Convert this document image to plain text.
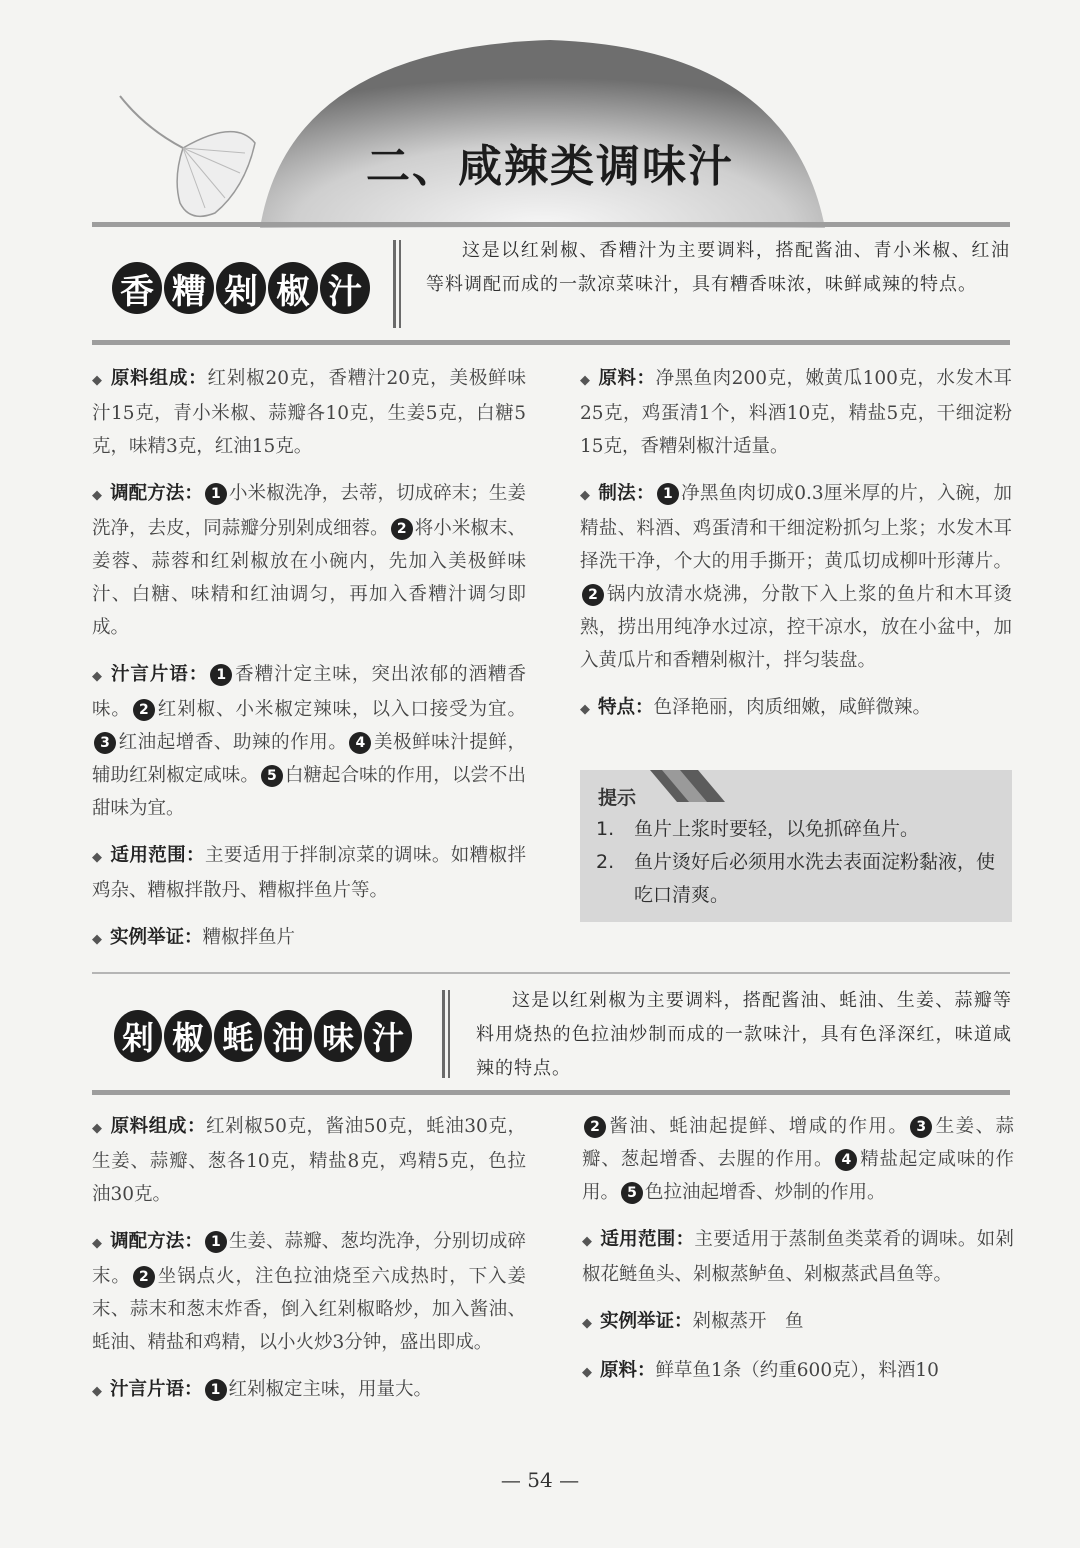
二、咸辣类调味汁
香 糟 剁 椒 汁
这是以红剁椒、香糟汁为主要调料，搭配酱油、青小米椒、红油等料调配而成的一款凉菜味汁，具有糟香味浓，味鲜咸辣的特点。

◆ 原料组成：红剁椒20克，香糟汁20克，美极鲜味汁15克，青小米椒、蒜瓣各10克，生姜5克，白糖5克，味精3克，红油15克。

◆ 调配方法： 1 小米椒洗净，去蒂，切成碎末；生姜洗净，去皮，同蒜瓣分别剁成细蓉。 2 将小米椒末、姜蓉、蒜蓉和红剁椒放在小碗内，先加入美极鲜味汁、白糖、味精和红油调匀，再加入香糟汁调匀即成。

◆ 汁言片语： 1 香糟汁定主味，突出浓郁的酒糟香味。 2 红剁椒、小米椒定辣味，以入口接受为宜。3 红油起增香、助辣的作用。 4 美极鲜味汁提鲜，辅助红剁椒定咸味。 5 白糖起合味的作用，以尝不出甜味为宜。

◆ 适用范围：主要适用于拌制凉菜的调味。如糟椒拌鸡杂、糟椒拌散丹、糟椒拌鱼片等。

◆ 实例举证：糟椒拌鱼片

◆ 原料：净黑鱼肉200克，嫩黄瓜100克，水发木耳25克，鸡蛋清1个，料酒10克，精盐5克，干细淀粉15克，香糟剁椒汁适量。

◆ 制法： 1 净黑鱼肉切成0.3厘米厚的片，入碗，加精盐、料酒、鸡蛋清和干细淀粉抓匀上浆；水发木耳择洗干净，个大的用手撕开；黄瓜切成柳叶形薄片。2 锅内放清水烧沸，分散下入上浆的鱼片和木耳烫熟，捞出用纯净水过凉，控干凉水，放在小盆中，加入黄瓜片和香糟剁椒汁，拌匀装盘。

◆ 特点：色泽艳丽，肉质细嫩，咸鲜微辣。

提示
1.	鱼片上浆时要轻，以免抓碎鱼片。
2.	鱼片烫好后必须用水洗去表面淀粉黏液，使吃口清爽。
剁 椒 蚝 油 味 汁
这是以红剁椒为主要调料，搭配酱油、蚝油、生姜、蒜瓣等料用烧热的色拉油炒制而成的一款味汁，具有色泽深红，味道咸辣的特点。

◆ 原料组成：红剁椒50克，酱油50克，蚝油30克，生姜、蒜瓣、葱各10克，精盐8克，鸡精5克，色拉油30克。

◆ 调配方法： 1 生姜、蒜瓣、葱均洗净，分别切成碎末。 2 坐锅点火，注色拉油烧至六成热时，下入姜末、蒜末和葱末炸香，倒入红剁椒略炒，加入酱油、蚝油、精盐和鸡精，以小火炒3分钟，盛出即成。

◆ 汁言片语： 1 红剁椒定主味，用量大。

2 酱油、蚝油起提鲜、增咸的作用。 3 生姜、蒜瓣、葱起增香、去腥的作用。 4 精盐起定咸味的作用。 5 色拉油起增香、炒制的作用。

◆ 适用范围：主要适用于蒸制鱼类菜肴的调味。如剁椒花鲢鱼头、剁椒蒸鲈鱼、剁椒蒸武昌鱼等。

◆ 实例举证：剁椒蒸开　鱼

◆ 原料：鲜草鱼1条（约重600克），料酒10

— 54 —
